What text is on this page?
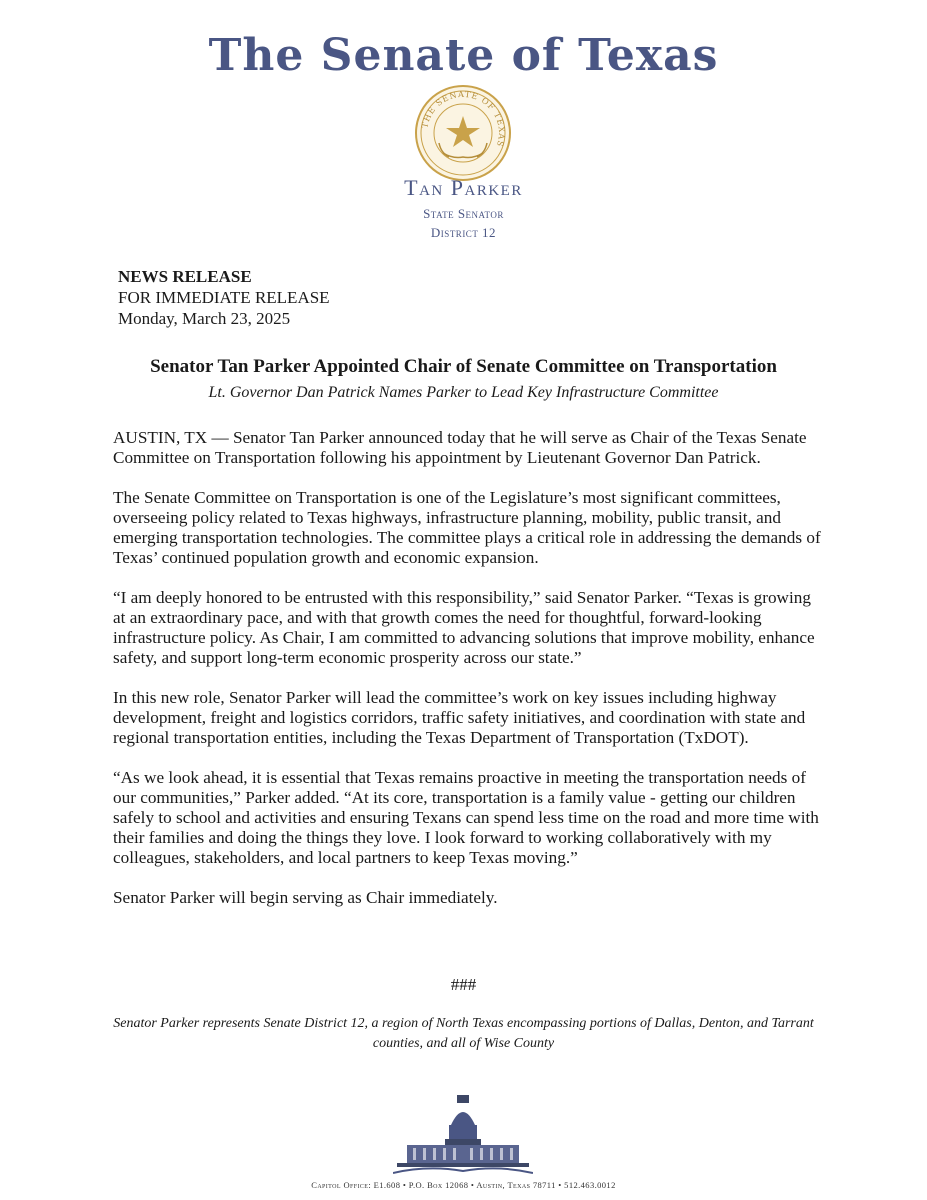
The Senate of Texas
THE SENATE OF TEXAS
Tan Parker
State Senator
District 12
NEWS RELEASE
FOR IMMEDIATE RELEASE
Monday, March 23, 2025
Senator Tan Parker Appointed Chair of Senate Committee on Transportation
Lt. Governor Dan Patrick Names Parker to Lead Key Infrastructure Committee

AUSTIN, TX — Senator Tan Parker announced today that he will serve as Chair of the Texas Senate Committee on Transportation following his appointment by Lieutenant Governor Dan Patrick.

The Senate Committee on Transportation is one of the Legislature’s most significant committees, overseeing policy related to Texas highways, infrastructure planning, mobility, public transit, and emerging transportation technologies. The committee plays a critical role in addressing the demands of Texas’ continued population growth and economic expansion.

“I am deeply honored to be entrusted with this responsibility,” said Senator Parker. “Texas is growing at an extraordinary pace, and with that growth comes the need for thoughtful, forward-looking infrastructure policy. As Chair, I am committed to advancing solutions that improve mobility, enhance safety, and support long-term economic prosperity across our state.”

In this new role, Senator Parker will lead the committee’s work on key issues including highway development, freight and logistics corridors, traffic safety initiatives, and coordination with state and regional transportation entities, including the Texas Department of Transportation (TxDOT).

“As we look ahead, it is essential that Texas remains proactive in meeting the transportation needs of our communities,” Parker added. “At its core, transportation is a family value - getting our children safely to school and activities and ensuring Texans can spend less time on the road and more time with their families and doing the things they love. I look forward to working collaboratively with my colleagues, stakeholders, and local partners to keep Texas moving.”

Senator Parker will begin serving as Chair immediately.

###
Senator Parker represents Senate District 12, a region of North Texas encompassing portions of Dallas, Denton, and Tarrant counties, and all of Wise County
Capitol Office: E1.608 • P.O. Box 12068 • Austin, Texas 78711 • 512.463.0012
